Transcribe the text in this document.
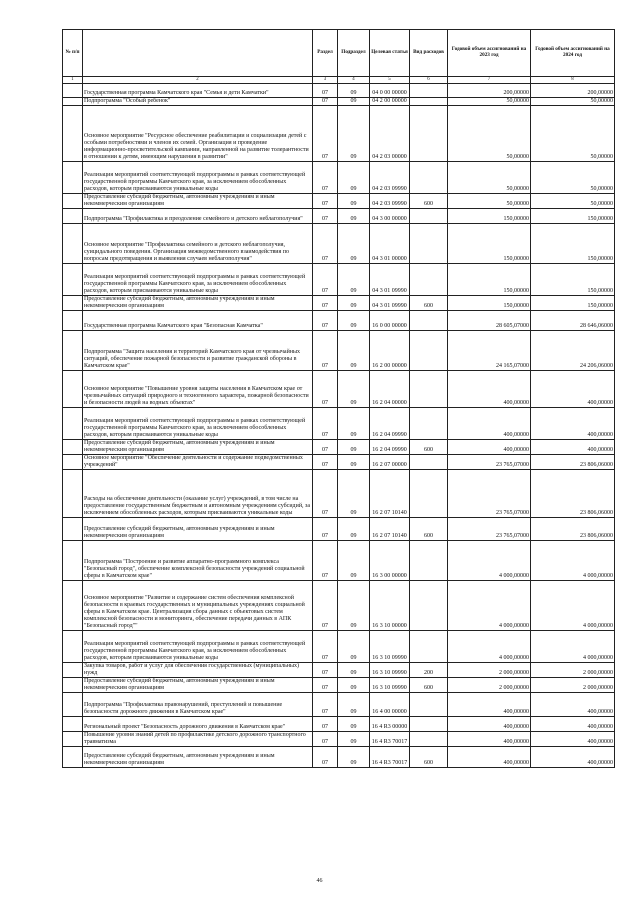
№ п/п		Раздел	Подраздел	Целевая статья	Вид расходов	Годовой объем ассигнований на 2023 год	Годовой объем ассигнований на 2024 год
1	2	3	4	5	6	7	8
	Государственная программа Камчатского края "Семья и дети Камчатки"	07	09	04 0 00 00000		200,00000	200,00000
	Подпрограмма "Особый ребенок"	07	09	04 2 00 00000		50,00000	50,00000
	Основное мероприятие "Ресурсное обеспечение реабилитации и социализации детей с особыми потребностями и членов их семей. Организация и проведение информационно-просветительской кампании, направленной на развитие толерантности в отношении к детям, имеющим нарушения в развитии"	07	09	04 2 03 00000		50,00000	50,00000
	Реализация мероприятий соответствующей подпрограммы в рамках соответствующей государственной программы Камчатского края, за исключением обособленных расходов, которым присваиваются уникальные коды	07	09	04 2 03 09990		50,00000	50,00000
	Предоставление субсидий бюджетным, автономным учреждениям и иным некоммерческим организациям	07	09	04 2 03 09990	600	50,00000	50,00000
	Подпрограмма "Профилактика и преодоление семейного и детского неблагополучия"	07	09	04 3 00 00000		150,00000	150,00000
	Основное мероприятие "Профилактика семейного и детского неблагополучия, суицидального поведения. Организация межведомственного взаимодействия по вопросам предотвращения и выявления случаев неблагополучия"	07	09	04 3 01 00000		150,00000	150,00000
	Реализация мероприятий соответствующей подпрограммы в рамках соответствующей государственной программы Камчатского края, за исключением обособленных расходов, которым присваиваются уникальные коды	07	09	04 3 01 09990		150,00000	150,00000
	Предоставление субсидий бюджетным, автономным учреждениям и иным некоммерческим организациям	07	09	04 3 01 09990	600	150,00000	150,00000
	Государственная программа Камчатского края "Безопасная Камчатка"	07	09	16 0 00 00000		28 605,07000	28 646,06000
	Подпрограмма "Защита населения и территорий Камчатского края от чрезвычайных ситуаций, обеспечение пожарной безопасности и развитие гражданской обороны в Камчатском крае"	07	09	16 2 00 00000		24 165,07000	24 206,06000
	Основное мероприятие "Повышение уровня защиты населения в Камчатском крае от чрезвычайных ситуаций природного и техногенного характера, пожарной безопасности и безопасности людей на водных объектах"	07	09	16 2 04 00000		400,00000	400,00000
	Реализация мероприятий соответствующей подпрограммы в рамках соответствующей государственной программы Камчатского края, за исключением обособленных расходов, которым присваиваются уникальные коды	07	09	16 2 04 09990		400,00000	400,00000
	Предоставление субсидий бюджетным, автономным учреждениям и иным некоммерческим организациям	07	09	16 2 04 09990	600	400,00000	400,00000
	Основное мероприятие "Обеспечение деятельности и содержание подведомственных учреждений"	07	09	16 2 07 00000		23 765,07000	23 806,06000
	Расходы на обеспечение деятельности (оказание услуг) учреждений, в том числе на предоставление государственным бюджетным и автономным учреждениям субсидий, за исключением обособленных расходов, которым присваиваются уникальные коды	07	09	16 2 07 10140		23 765,07000	23 806,06000
	Предоставление субсидий бюджетным, автономным учреждениям и иным некоммерческим организациям	07	09	16 2 07 10140	600	23 765,07000	23 806,06000
	Подпрограмма "Построение и развитие аппаратно-программного комплекса "Безопасный город", обеспечение комплексной безопасности учреждений социальной сферы в Камчатском крае"	07	09	16 3 00 00000		4 000,00000	4 000,00000
	Основное мероприятие "Развитие и содержание систем обеспечения комплексной безопасности в краевых государственных и муниципальных учреждениях социальной сферы в Камчатском крае. Централизация сбора данных с объектовых систем комплексной безопасности и мониторинга, обеспечение передачи данных в АПК "Безопасный город""	07	09	16 3 10 00000		4 000,00000	4 000,00000
	Реализация мероприятий соответствующей подпрограммы в рамках соответствующей государственной программы Камчатского края, за исключением обособленных расходов, которым присваиваются уникальные коды	07	09	16 3 10 09990		4 000,00000	4 000,00000
	Закупка товаров, работ и услуг для обеспечения государственных (муниципальных) нужд	07	09	16 3 10 09990	200	2 000,00000	2 000,00000
	Предоставление субсидий бюджетным, автономным учреждениям и иным некоммерческим организациям	07	09	16 3 10 09990	600	2 000,00000	2 000,00000
	Подпрограмма "Профилактика правонарушений, преступлений и повышение безопасности дорожного движения в Камчатском крае"	07	09	16 4 00 00000		400,00000	400,00000
	Региональный проект "Безопасность дорожного движения в Камчатском крае"	07	09	16 4 R3 00000		400,00000	400,00000
	Повышение уровня знаний детей по профилактике детского дорожного транспортного травматизма	07	09	16 4 R3 70017		400,00000	400,00000
	Предоставление субсидий бюджетным, автономным учреждениям и иным некоммерческим организациям	07	09	16 4 R3 70017	600	400,00000	400,00000
46
